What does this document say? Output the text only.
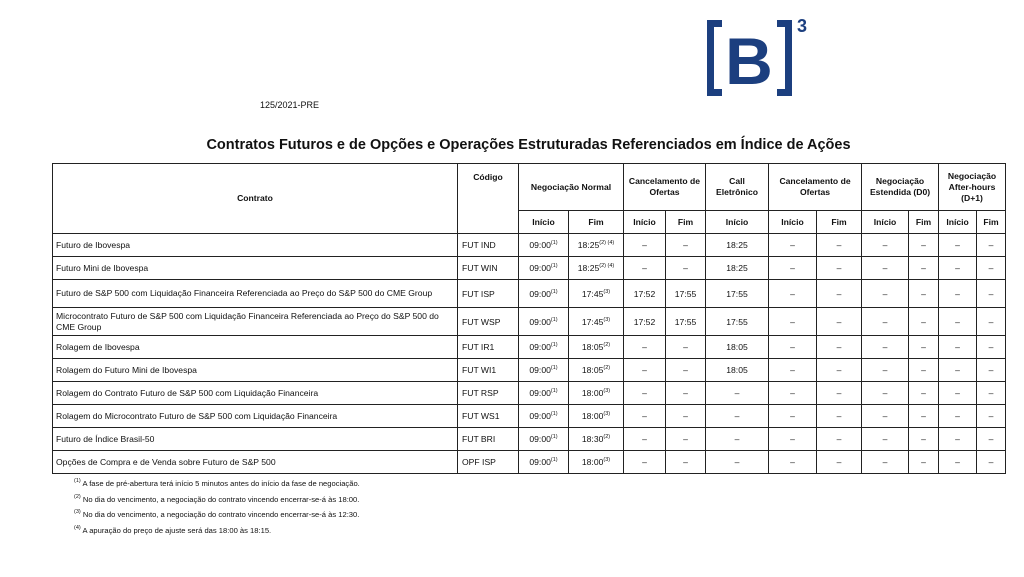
B 3
125/2021-PRE
Contratos Futuros e de Opções e Operações Estruturadas Referenciados em Índice de Ações
Contrato	Código	Negociação Normal		Cancelamento de Ofertas		Call Eletrônico	Cancelamento de Ofertas		Negociação Estendida (D0)		Negociação After-hours (D+1)	
		Início	Fim	Início	Fim	Início	Início	Fim	Início	Fim	Início	Fim
Futuro de Ibovespa	FUT IND	09:00$^{(1)}$	$18:25^{(2) (4)}$	–	–	18:25	–	–	–	–	–	–
Futuro Mini de Ibovespa	FUT WIN	09:00$^{(1)}$	$18:25^{(2) (4)}$	–	–	18:25	–	–	–	–	–	–
Futuro de S&P 500 com Liquidação Financeira Referenciada ao Preço do S&P 500 do CME Group	FUT ISP	09:00$^{(1)}$	17:45$^{(3)}$	17:52	17:55	17:55	–	–	–	–	–	–
Microcontrato Futuro de S&P 500 com Liquidação Financeira Referenciada ao Preço do S&P 500 do CME Group	FUT WSP	09:00$^{(1)}$	17:45$^{(3)}$	17:52	17:55	17:55	–	–	–	–	–	–
Rolagem de Ibovespa	FUT IR1	09:00$^{(1)}$	18:05$^{(2)}$	–	–	18:05	–	–	–	–	–	–
Rolagem do Futuro Mini de Ibovespa	FUT WI1	09:00$^{(1)}$	18:05$^{(2)}$	–	–	18:05	–	–	–	–	–	–
Rolagem do Contrato Futuro de S&P 500 com Liquidação Financeira	FUT RSP	09:00$^{(1)}$	18:00$^{(3)}$	–	–	–	–	–	–	–	–	–
Rolagem do Microcontrato Futuro de S&P 500 com Liquidação Financeira	FUT WS1	09:00$^{(1)}$	18:00$^{(3)}$	–	–	–	–	–	–	–	–	–
Futuro de Índice Brasil-50	FUT BRI	09:00$^{(1)}$	18:30$^{(2)}$	–	–	–	–	–	–	–	–	–
Opções de Compra e de Venda sobre Futuro de S&P 500	OPF ISP	09:00$^{(1)}$	18:00$^{(3)}$	–	–	–	–	–	–	–	–	–
$^{(1)}$ A fase de pré-abertura terá início 5 minutos antes do início da fase de negociação.
$^{(2)}$ No dia do vencimento, a negociação do contrato vincendo encerrar-se-á às 18:00.
$^{(3)}$ No dia do vencimento, a negociação do contrato vincendo encerrar-se-á às 12:30.
$^{(4)}$ A apuração do preço de ajuste será das 18:00 às 18:15.
